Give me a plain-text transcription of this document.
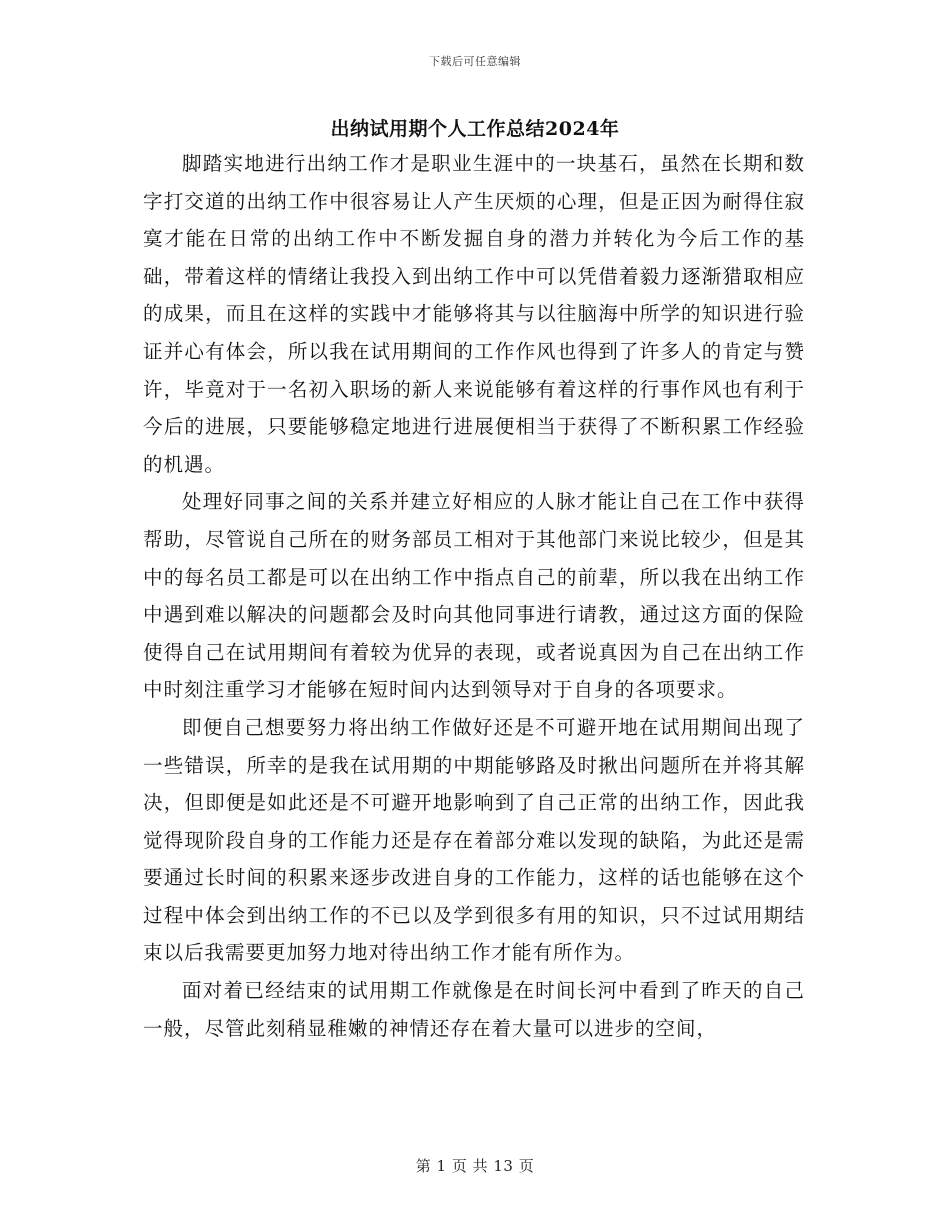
下载后可任意编辑
出纳试用期个人工作总结2024年

脚踏实地进行出纳工作才是职业生涯中的一块基石，虽然在长期和数字打交道的出纳工作中很容易让人产生厌烦的心理，但是正因为耐得住寂寞才能在日常的出纳工作中不断发掘自身的潜力并转化为今后工作的基础，带着这样的情绪让我投入到出纳工作中可以凭借着毅力逐渐猎取相应的成果，而且在这样的实践中才能够将其与以往脑海中所学的知识进行验证并心有体会，所以我在试用期间的工作作风也得到了许多人的肯定与赞许，毕竟对于一名初入职场的新人来说能够有着这样的行事作风也有利于今后的进展，只要能够稳定地进行进展便相当于获得了不断积累工作经验的机遇。

处理好同事之间的关系并建立好相应的人脉才能让自己在工作中获得帮助，尽管说自己所在的财务部员工相对于其他部门来说比较少，但是其中的每名员工都是可以在出纳工作中指点自己的前辈，所以我在出纳工作中遇到难以解决的问题都会及时向其他同事进行请教，通过这方面的保险使得自己在试用期间有着较为优异的表现，或者说真因为自己在出纳工作中时刻注重学习才能够在短时间内达到领导对于自身的各项要求。

即便自己想要努力将出纳工作做好还是不可避开地在试用期间出现了一些错误，所幸的是我在试用期的中期能够路及时揪出问题所在并将其解决，但即便是如此还是不可避开地影响到了自己正常的出纳工作，因此我觉得现阶段自身的工作能力还是存在着部分难以发现的缺陷，为此还是需要通过长时间的积累来逐步改进自身的工作能力，这样的话也能够在这个过程中体会到出纳工作的不已以及学到很多有用的知识，只不过试用期结束以后我需要更加努力地对待出纳工作才能有所作为。

面对着已经结束的试用期工作就像是在时间长河中看到了昨天的自己一般，尽管此刻稍显稚嫩的神情还存在着大量可以进步的空间，

第 1 页 共 13 页
